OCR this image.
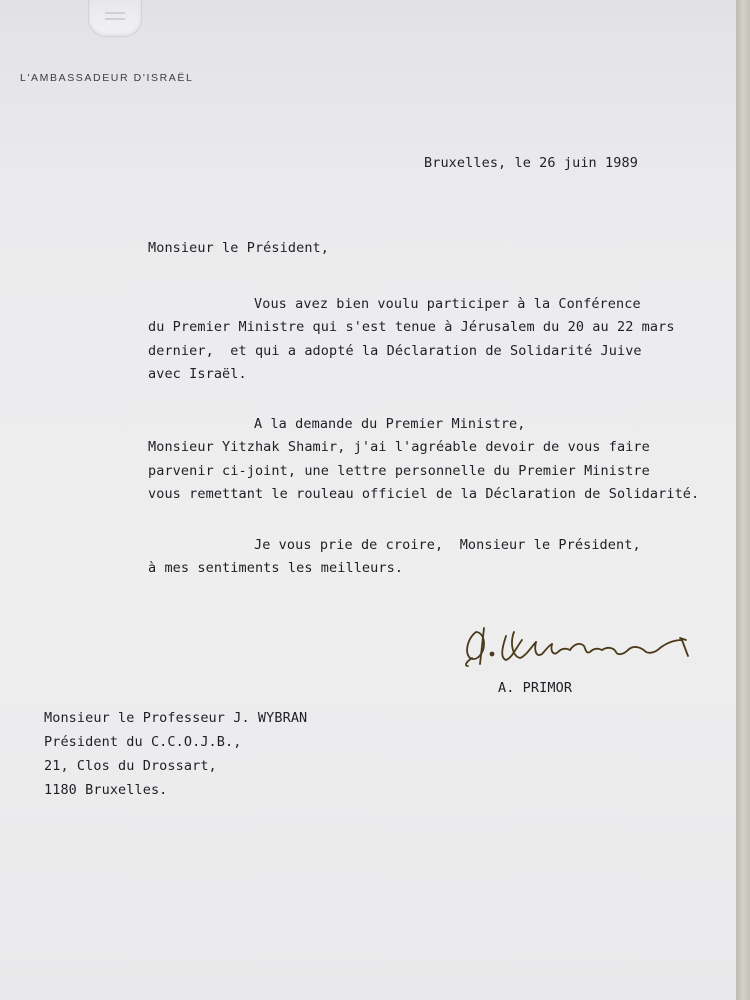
L'AMBASSADEUR D'ISRAËL
Bruxelles, le 26 juin 1989
Monsieur le Président,
Vous avez bien voulu participer à la Conférence
du Premier Ministre qui s'est tenue à Jérusalem du 20 au 22 mars
dernier,  et qui a adopté la Déclaration de Solidarité Juive
avec Israël.
A la demande du Premier Ministre,
Monsieur Yitzhak Shamir, j'ai l'agréable devoir de vous faire
parvenir ci-joint, une lettre personnelle du Premier Ministre
vous remettant le rouleau officiel de la Déclaration de Solidarité.
Je vous prie de croire,  Monsieur le Président,
à mes sentiments les meilleurs.
A. PRIMOR
Monsieur le Professeur J. WYBRAN
Président du C.C.O.J.B.,
21, Clos du Drossart,
1180 Bruxelles.
